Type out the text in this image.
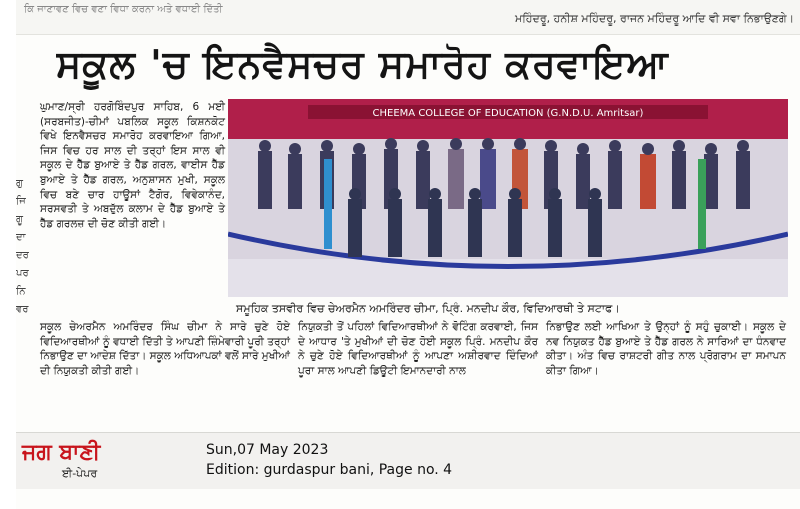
ਕਿ ਜਾਣਾਵਣ ਵਿਚ ਵਣਾ ਵਿਧਾ ਕਰਨਾ ਅਤੇ ਵਧਾਈ ਦਿੱਤੀ
ਮਹਿੰਦਰੂ, ਹਨੀਸ਼ ਮਹਿੰਦਰੂ, ਰਾਜਨ ਮਹਿੰਦਰੂ ਆਦਿ ਵੀ ਸਵਾ ਨਿਭਾਉਣਗੇ।
ਗੁ
ਜਿ
ਗੂ
ਦਾ
ਦਰ
ਪਰ
ਨਿ
ਵਰ
ਸਕੂਲ 'ਚ ਇਨਵੈਸਚਰ ਸਮਾਰੋਹ ਕਰਵਾਇਆ
ਘੁਮਾਣ/ਸ੍ਰੀ ਹਰਗੋਬਿੰਦਪੁਰ ਸਾਹਿਬ, 6 ਮਈ (ਸਰਬਜੀਤ)-ਚੀਮਾਂ ਪਬਲਿਕ ਸਕੂਲ ਕਿਸ਼ਨਕੋਟ ਵਿਖੇ ਇਨਵੈਸਚਰ ਸਮਾਰੋਹ ਕਰਵਾਇਆ ਗਿਆ, ਜਿਸ ਵਿਚ ਹਰ ਸਾਲ ਦੀ ਤਰ੍ਹਾਂ ਇਸ ਸਾਲ ਵੀ ਸਕੂਲ ਦੇ ਹੈੱਡ ਬੁਆਏ ਤੇ ਹੈੱਡ ਗਰਲ, ਵਾਈਸ ਹੈੱਡ ਬੁਆਏ ਤੇ ਹੈੱਡ ਗਰਲ, ਅਨੁਸ਼ਾਸਨ ਮੁਖੀ, ਸਕੂਲ ਵਿਚ ਬਣੇ ਚਾਰ ਹਾਊਸਾਂ ਟੈਗੋਰ, ਵਿਵੇਕਾਨੰਦ, ਸਰਸਵਤੀ ਤੇ ਅਬਦੁੱਲ ਕਲਾਮ ਦੇ ਹੈੱਡ ਬੁਆਏ ਤੇ ਹੈੱਡ ਗਰਲਜ਼ ਦੀ ਚੋਣ ਕੀਤੀ ਗਈ।
CHEEMA COLLEGE OF EDUCATION (G.N.D.U. Amritsar)
ਸਮੂਹਿਕ ਤਸਵੀਰ ਵਿਚ ਚੇਅਰਮੈਨ ਅਮਰਿੰਦਰ ਚੀਮਾ, ਪ੍ਰਿੰ. ਮਨਦੀਪ ਕੌਰ, ਵਿਦਿਆਰਥੀ ਤੇ ਸਟਾਫ।
ਸਕੂਲ ਚੇਅਰਮੈਨ ਅਮਰਿੰਦਰ ਸਿੰਘ ਚੀਮਾ ਨੇ ਸਾਰੇ ਚੁਣੇ ਹੋਏ ਵਿਦਿਆਰਥੀਆਂ ਨੂੰ ਵਧਾਈ ਦਿੱਤੀ ਤੇ ਆਪਣੀ ਜ਼ਿੰਮੇਵਾਰੀ ਪੂਰੀ ਤਰ੍ਹਾਂ ਨਿਭਾਉਣ ਦਾ ਆਦੇਸ਼ ਦਿੱਤਾ। ਸਕੂਲ ਅਧਿਆਪਕਾਂ ਵਲੋਂ ਸਾਰੇ ਮੁਖੀਆਂ ਦੀ ਨਿਯੁਕਤੀ ਕੀਤੀ ਗਈ।
ਨਿਯੁਕਤੀ ਤੋਂ ਪਹਿਲਾਂ ਵਿਦਿਆਰਥੀਆਂ ਨੇ ਵੋਟਿੰਗ ਕਰਵਾਈ, ਜਿਸ ਦੇ ਆਧਾਰ 'ਤੇ ਮੁਖੀਆਂ ਦੀ ਚੋਣ ਹੋਈ ਸਕੂਲ ਪ੍ਰਿੰ. ਮਨਦੀਪ ਕੌਰ ਨੇ ਚੁਣੇ ਹੋਏ ਵਿਦਿਆਰਥੀਆਂ ਨੂੰ ਆਪਣਾ ਅਸ਼ੀਰਵਾਦ ਦਿੰਦਿਆਂ ਪੂਰਾ ਸਾਲ ਆਪਣੀ ਡਿਊਟੀ ਇਮਾਨਦਾਰੀ ਨਾਲ
ਨਿਭਾਉਣ ਲਈ ਆਖਿਆ ਤੇ ਉਨ੍ਹਾਂ ਨੂੰ ਸਹੁੰ ਚੁਕਾਈ। ਸਕੂਲ ਦੇ ਨਵ ਨਿਯੁਕਤ ਹੈੱਡ ਬੁਆਏ ਤੇ ਹੈੱਡ ਗਰਲ ਨੇ ਸਾਰਿਆਂ ਦਾ ਧੰਨਵਾਦ ਕੀਤਾ। ਅੰਤ ਵਿਚ ਰਾਸ਼ਟਰੀ ਗੀਤ ਨਾਲ ਪ੍ਰੋਗਰਾਮ ਦਾ ਸਮਾਪਨ ਕੀਤਾ ਗਿਆ।
ਜਗ ਬਾਣੀ
ਈ-ਪੇਪਰ
Sun,07 May 2023
Edition: gurdaspur bani, Page no. 4
